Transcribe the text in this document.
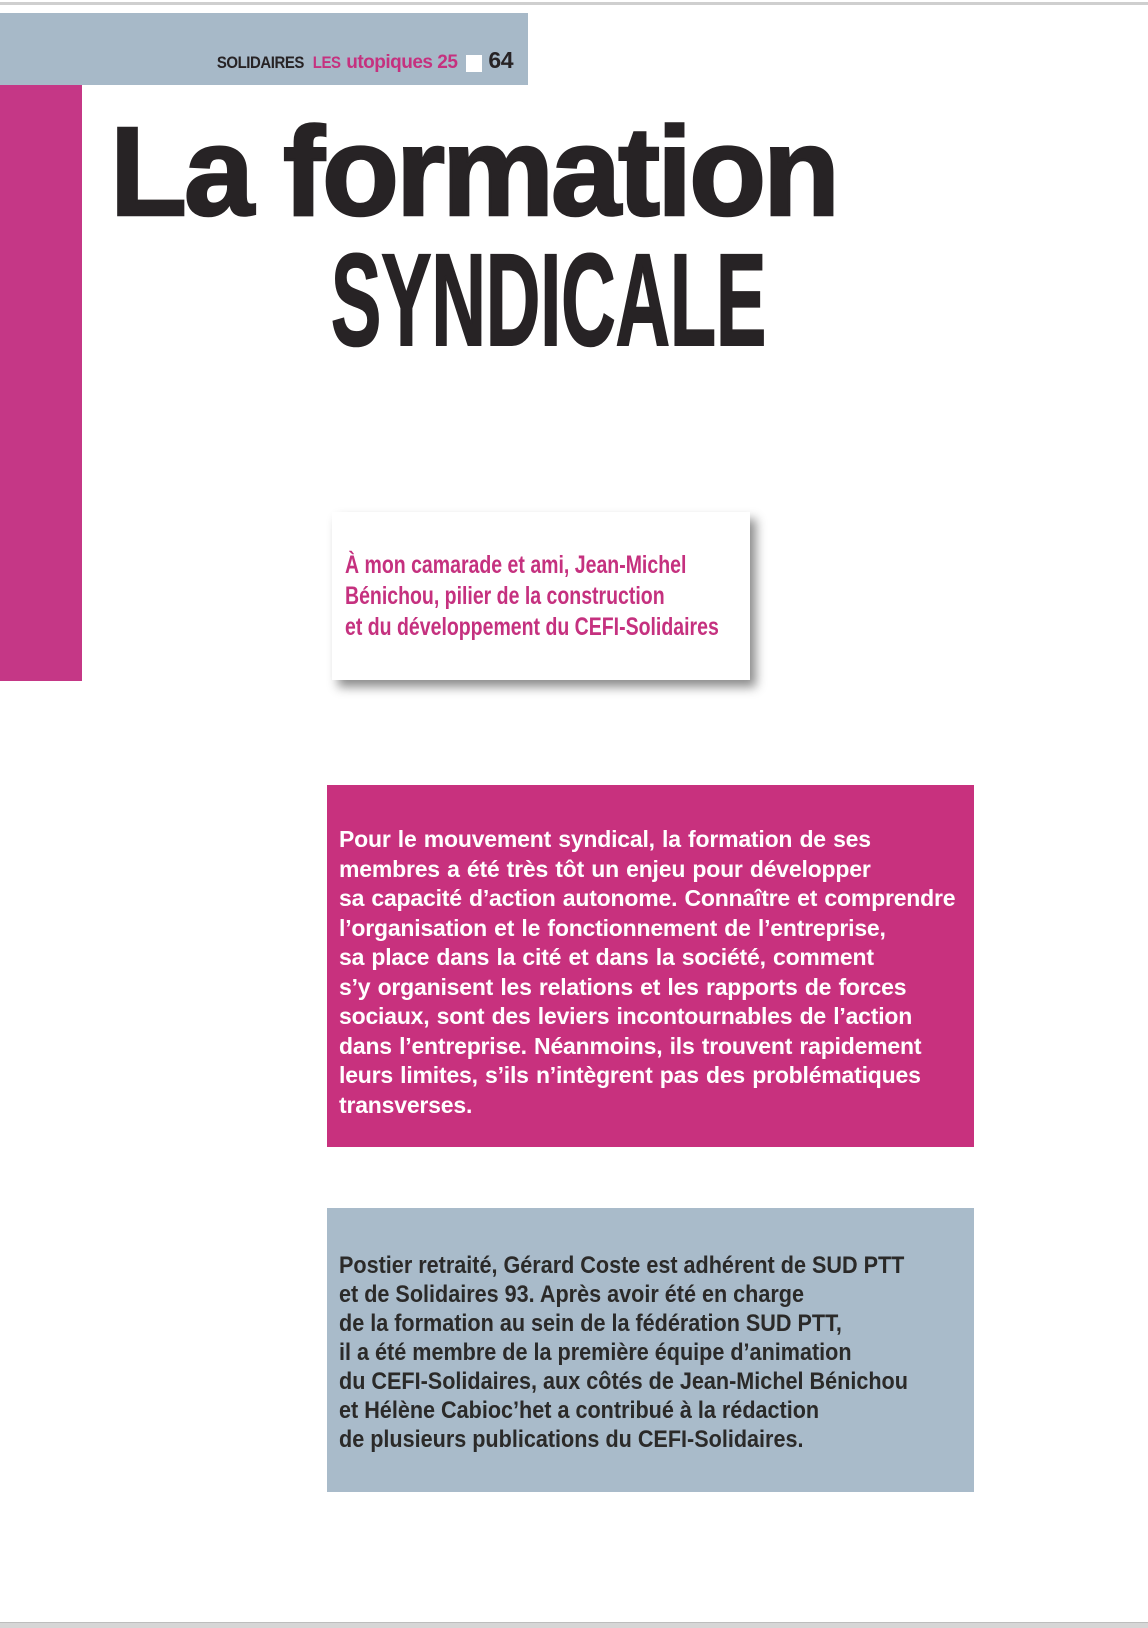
SOLIDAIRES LES utopiques 25 64
La formation
SYNDICALE
À mon camarade et ami, Jean-Michel
Bénichou, pilier de la construction
et du développement du CEFI-Solidaires
Pour le mouvement syndical, la formation de ses
membres a été très tôt un enjeu pour développer
sa capacité d’action autonome. Connaître et comprendre
l’organisation et le fonctionnement de l’entreprise,
sa place dans la cité et dans la société, comment
s’y organisent les relations et les rapports de forces
sociaux, sont des leviers incontournables de l’action
dans l’entreprise. Néanmoins, ils trouvent rapidement
leurs limites, s’ils n’intègrent pas des problématiques
transverses.
Postier retraité, Gérard Coste est adhérent de SUD PTT
et de Solidaires 93. Après avoir été en charge
de la formation au sein de la fédération SUD PTT,
il a été membre de la première équipe d’animation
du CEFI-Solidaires, aux côtés de Jean-Michel Bénichou
et Hélène Cabioc’het a contribué à la rédaction
de plusieurs publications du CEFI-Solidaires.
